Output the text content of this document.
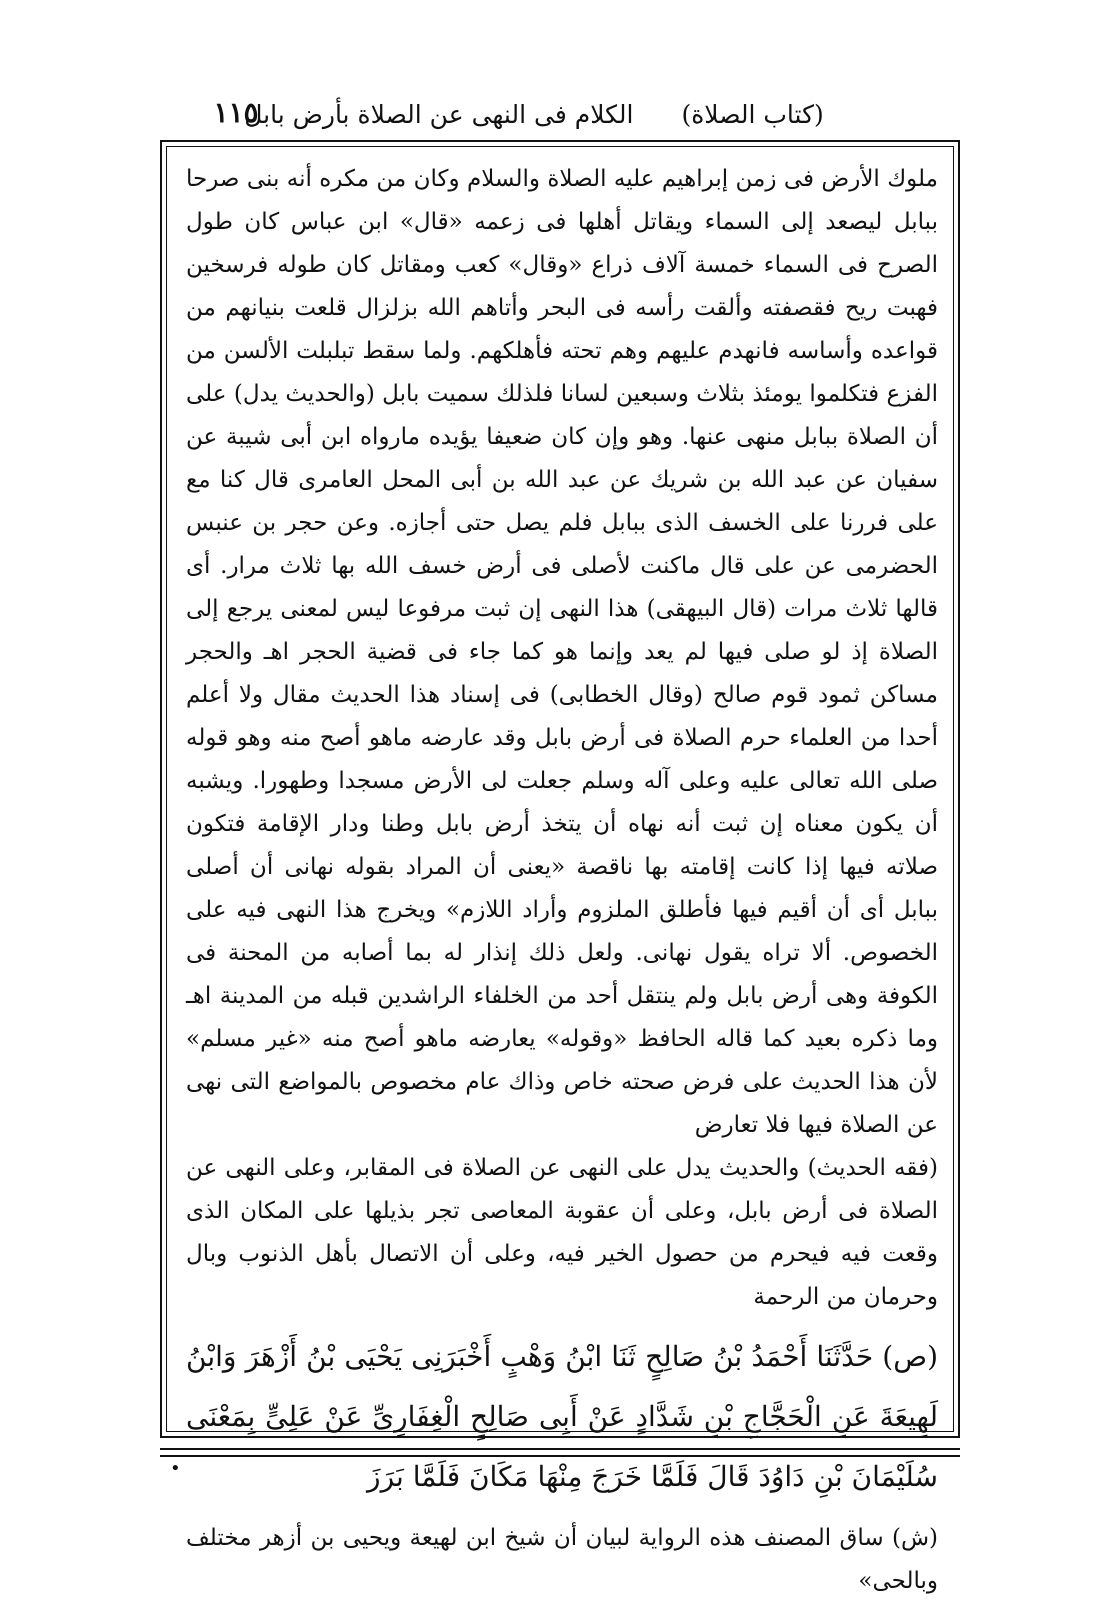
(كتاب الصلاة) الكلام فى النهى عن الصلاة بأرض بابل
١١٥
•

ملوك الأرض فى زمن إبراهيم عليه الصلاة والسلام وكان من مكره أنه بنى صرحا ببابل ليصعد إلى السماء ويقاتل أهلها فى زعمه «قال» ابن عباس كان طول الصرح فى السماء خمسة آلاف ذراع «وقال» كعب ومقاتل كان طوله فرسخين فهبت ريح فقصفته وألقت رأسه فى البحر وأتاهم الله بزلزال قلعت بنيانهم من قواعده وأساسه فانهدم عليهم وهم تحته فأهلكهم. ولما سقط تبلبلت الألسن من الفزع فتكلموا يومئذ بثلاث وسبعين لسانا فلذلك سميت بابل (والحديث يدل) على أن الصلاة ببابل منهى عنها. وهو وإن كان ضعيفا يؤيده مارواه ابن أبى شيبة عن سفيان عن عبد الله بن شريك عن عبد الله بن أبى المحل العامرى قال كنا مع على فررنا على الخسف الذى ببابل فلم يصل حتى أجازه. وعن حجر بن عنبس الحضرمى عن على قال ماكنت لأصلى فى أرض خسف الله بها ثلاث مرار. أى قالها ثلاث مرات (قال البيهقى) هذا النهى إن ثبت مرفوعا ليس لمعنى يرجع إلى الصلاة إذ لو صلى فيها لم يعد وإنما هو كما جاء فى قضية الحجر اهـ والحجر مساكن ثمود قوم صالح (وقال الخطابى) فى إسناد هذا الحديث مقال ولا أعلم أحدا من العلماء حرم الصلاة فى أرض بابل وقد عارضه ماهو أصح منه وهو قوله صلى الله تعالى عليه وعلى آله وسلم جعلت لى الأرض مسجدا وطهورا. ويشبه أن يكون معناه إن ثبت أنه نهاه أن يتخذ أرض بابل وطنا ودار الإقامة فتكون صلاته فيها إذا كانت إقامته بها ناقصة «يعنى أن المراد بقوله نهانى أن أصلى ببابل أى أن أقيم فيها فأطلق الملزوم وأراد اللازم» ويخرج هذا النهى فيه على الخصوص. ألا تراه يقول نهانى. ولعل ذلك إنذار له بما أصابه من المحنة فى الكوفة وهى أرض بابل ولم ينتقل أحد من الخلفاء الراشدين قبله من المدينة اهـ وما ذكره بعيد كما قاله الحافظ «وقوله» يعارضه ماهو أصح منه «غير مسلم» لأن هذا الحديث على فرض صحته خاص وذاك عام مخصوص بالمواضع التى نهى عن الصلاة فيها فلا تعارض

(فقه الحديث) والحديث يدل على النهى عن الصلاة فى المقابر، وعلى النهى عن الصلاة فى أرض بابل، وعلى أن عقوبة المعاصى تجر بذيلها على المكان الذى وقعت فيه فيحرم من حصول الخير فيه، وعلى أن الاتصال بأهل الذنوب وبال وحرمان من الرحمة

(ص) حَدَّثَنَا أَحْمَدُ بْنُ صَالِحٍ ثَنَا ابْنُ وَهْبٍ أَخْبَرَنِى يَحْيَى بْنُ أَزْهَرَ وَابْنُ لَهِيعَةَ عَنِ الْحَجَّاجِ بْنِ شَدَّادٍ عَنْ أَبِى صَالِحٍ الْغِفَارِىِّ عَنْ عَلِىٍّ بِمَعْنَى سُلَيْمَانَ بْنِ دَاوُدَ قَالَ فَلَمَّا خَرَجَ مِنْهَا مَكَانَ فَلَمَّا بَرَزَ

(ش) ساق المصنف هذه الرواية لبيان أن شيخ ابن لهيعة ويحيى بن أزهر مختلف وبالحى»
